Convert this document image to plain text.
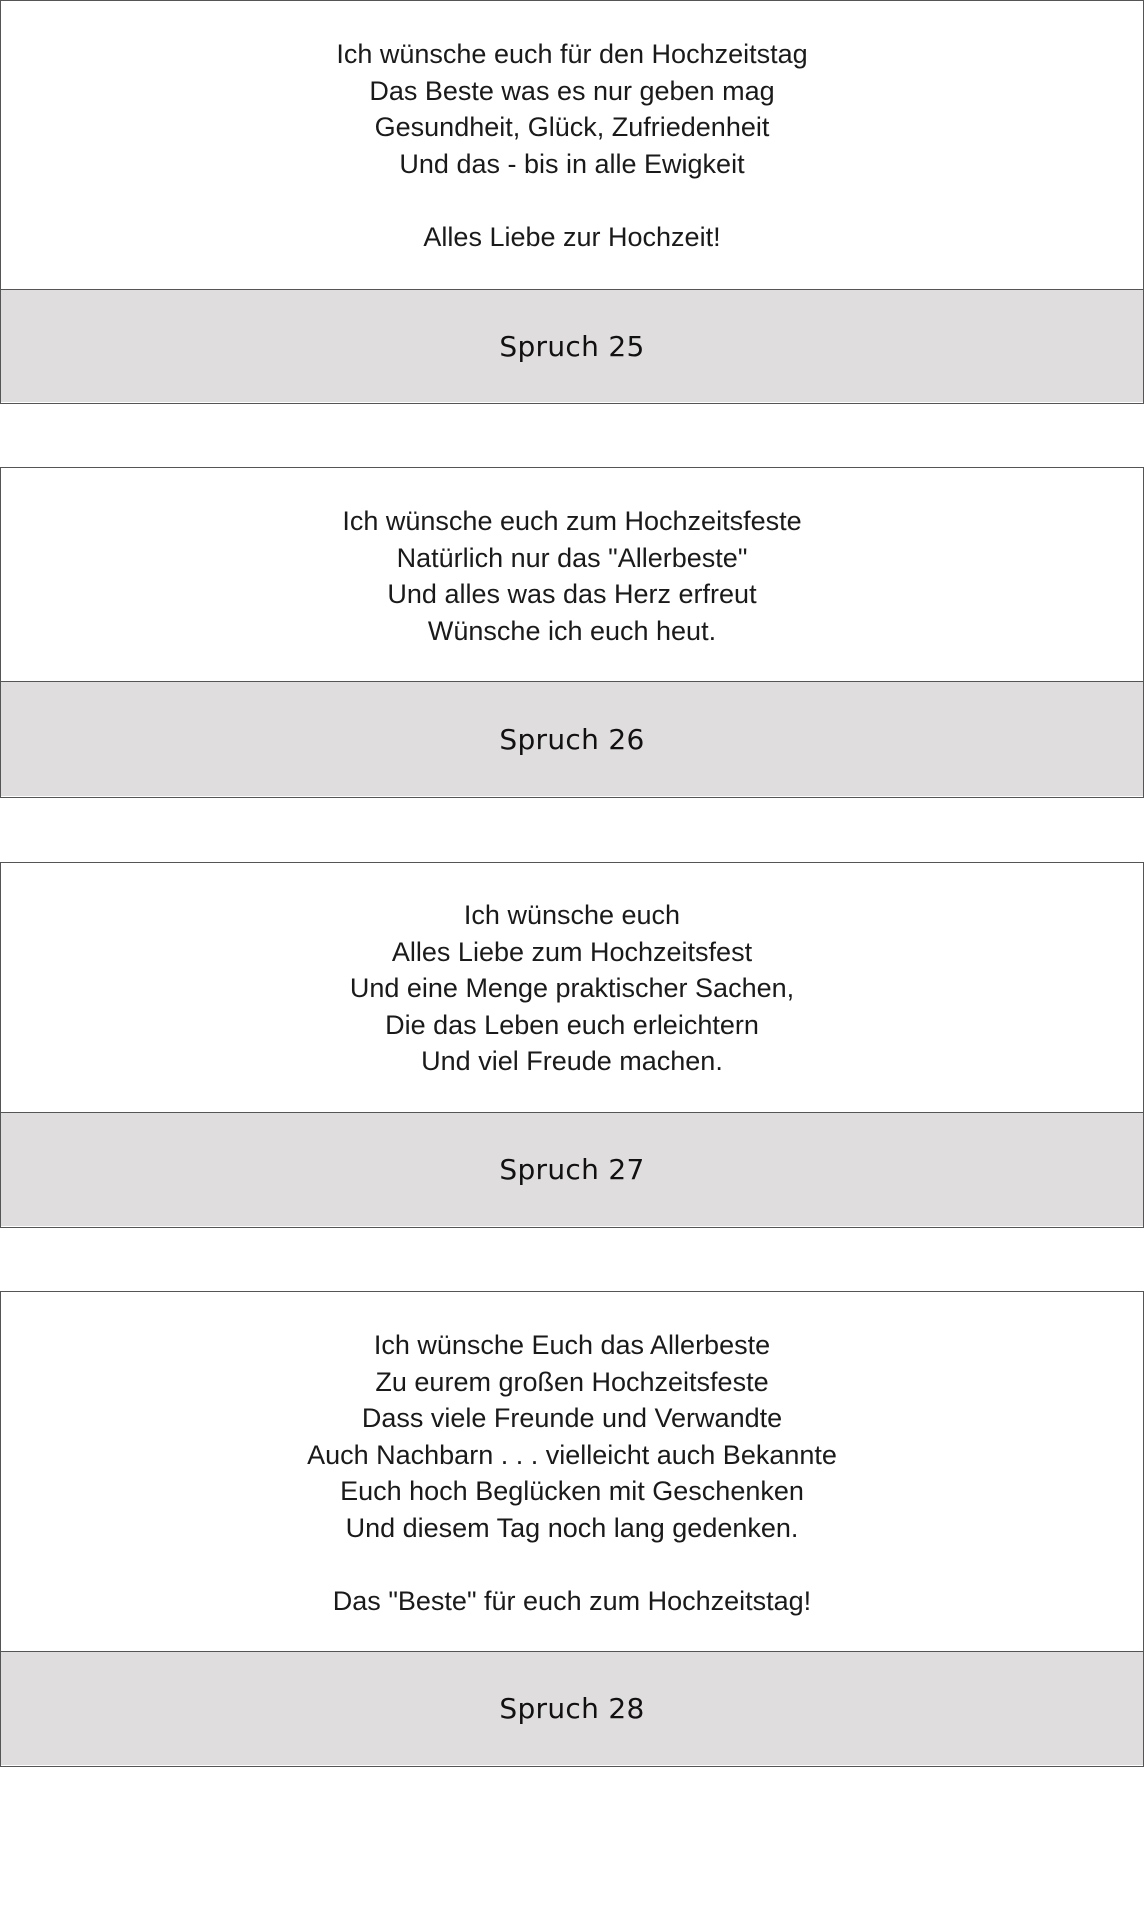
Ich wünsche euch für den Hochzeitstag
Das Beste was es nur geben mag
Gesundheit, Glück, Zufriedenheit
Und das - bis in alle Ewigkeit
Alles Liebe zur Hochzeit!
Spruch 25
Ich wünsche euch zum Hochzeitsfeste
Natürlich nur das "Allerbeste"
Und alles was das Herz erfreut
Wünsche ich euch heut.
Spruch 26
Ich wünsche euch
Alles Liebe zum Hochzeitsfest
Und eine Menge praktischer Sachen,
Die das Leben euch erleichtern
Und viel Freude machen.
Spruch 27
Ich wünsche Euch das Allerbeste
Zu eurem großen Hochzeitsfeste
Dass viele Freunde und Verwandte
Auch Nachbarn . . . vielleicht auch Bekannte
Euch hoch Beglücken mit Geschenken
Und diesem Tag noch lang gedenken.
Das "Beste" für euch zum Hochzeitstag!
Spruch 28
